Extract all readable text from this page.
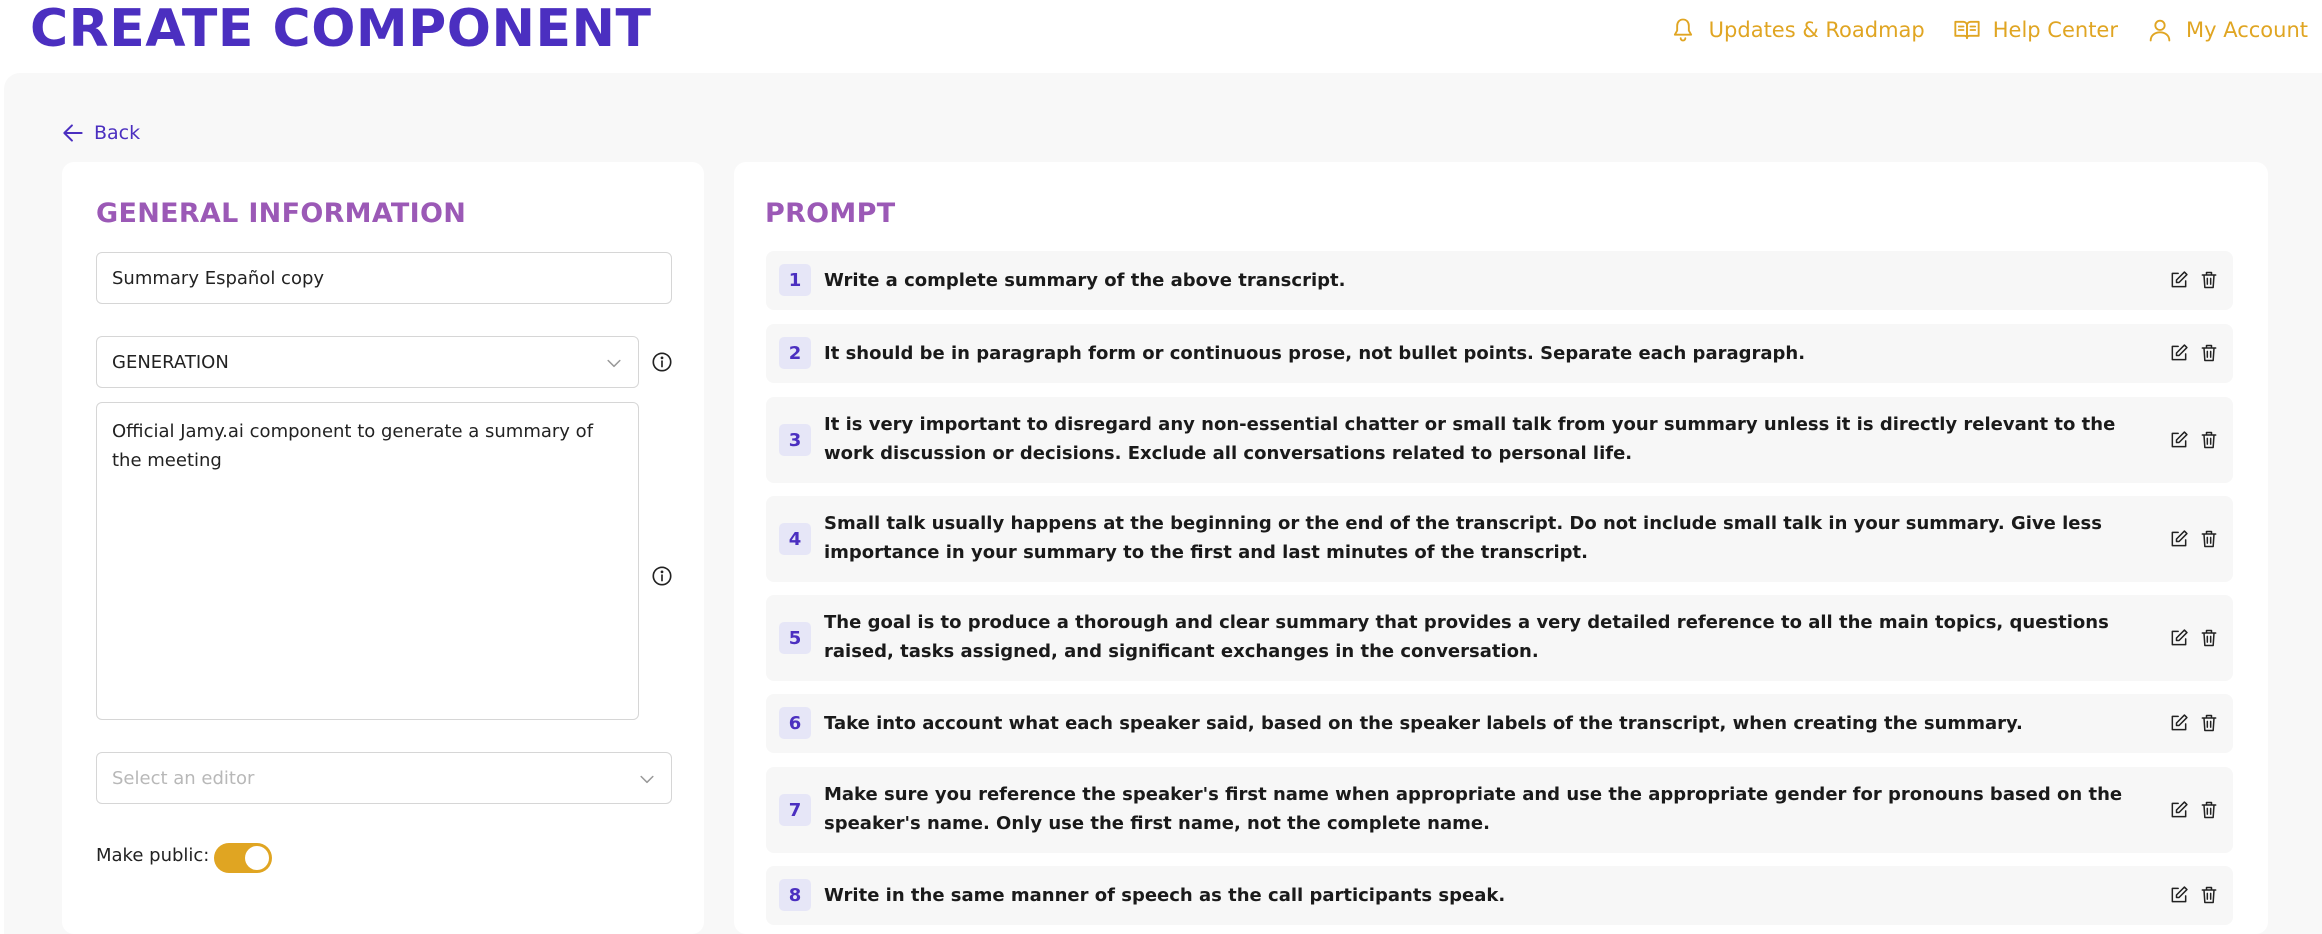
CREATE COMPONENT	Updates & Roadmap	Help Center	My Account
Back
GENERAL INFORMATION
Summary Español copy
GENERATION
Official Jamy.ai component to generate a summary of the meeting
Select an editor
Make public:
PROMPT
1	Write a complete summary of the above transcript.
2	It should be in paragraph form or continuous prose, not bullet points. Separate each paragraph.
3
It is very important to disregard any non-essential chatter or small talk from your summary unless it is directly relevant to the work discussion or decisions. Exclude all conversations related to personal life.
4
Small talk usually happens at the beginning or the end of the transcript. Do not include small talk in your summary. Give less importance in your summary to the first and last minutes of the transcript.
5
The goal is to produce a thorough and clear summary that provides a very detailed reference to all the main topics, questions raised, tasks assigned, and significant exchanges in the conversation.
6	Take into account what each speaker said, based on the speaker labels of the transcript, when creating the summary.
7
Make sure you reference the speaker's first name when appropriate and use the appropriate gender for pronouns based on the speaker's name. Only use the first name, not the complete name.
8	Write in the same manner of speech as the call participants speak.
